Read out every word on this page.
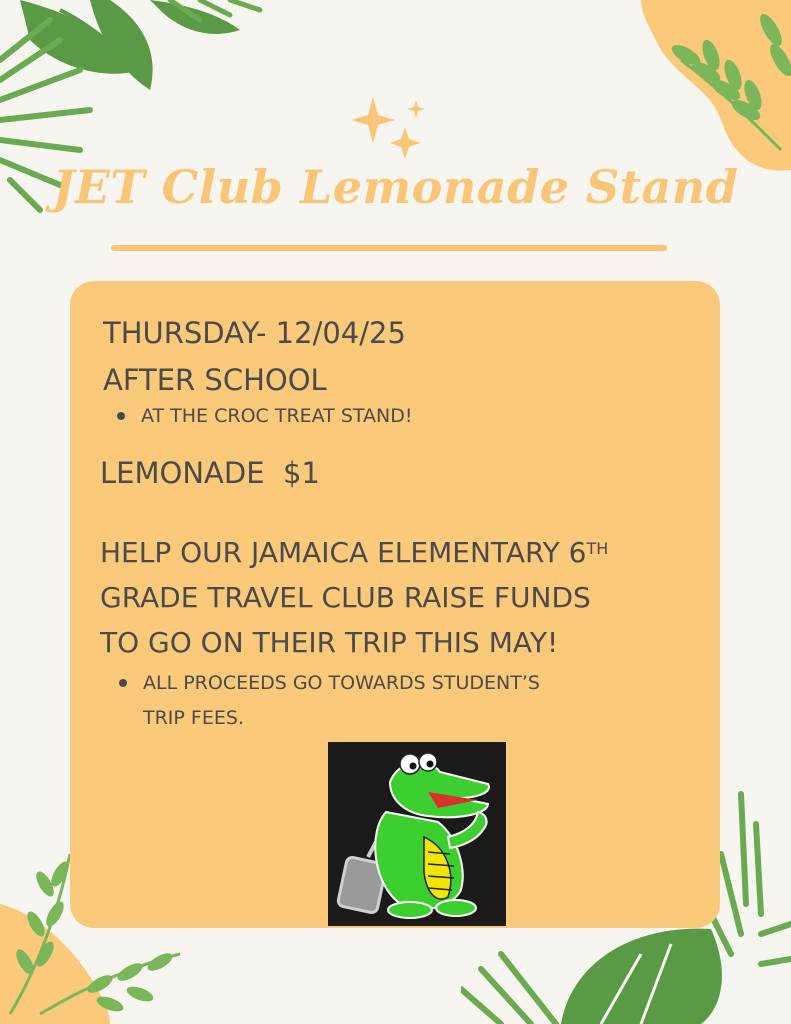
JET Club Lemonade Stand

THURSDAY- 12/04/25

AFTER SCHOOL

AT THE CROC TREAT STAND!

LEMONADE  $1

HELP OUR JAMAICA ELEMENTARY 6TH
GRADE TRAVEL CLUB RAISE FUNDS
TO GO ON THEIR TRIP THIS MAY!

ALL PROCEEDS GO TOWARDS STUDENT’S

TRIP FEES.
